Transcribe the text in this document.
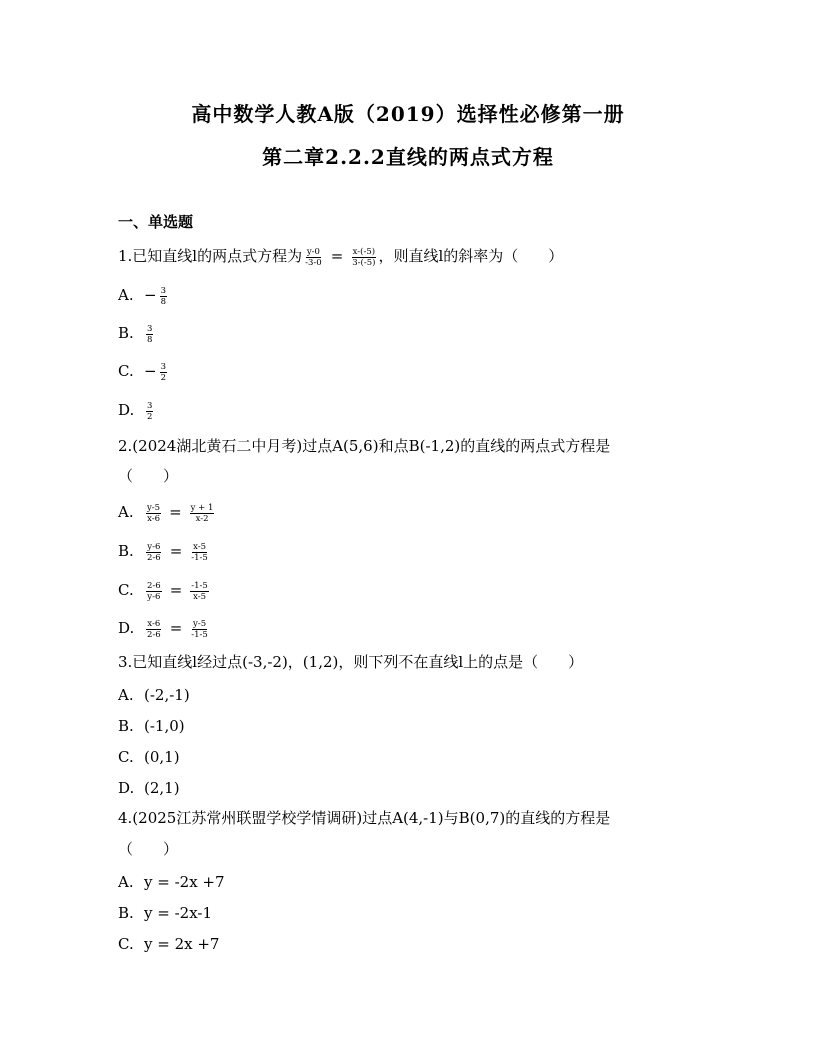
高中数学人教A版（2019）选择性必修第一册
第二章2.2.2直线的两点式方程
一、单选题
1.已知直线l的两点式方程为 $\frac{y-0}{-3-0} = \frac{x-(-5)}{3-(-5)}$ ，则直线l的斜率为（　　）
A. − $\frac{3}{8}$
B. $\frac{3}{8}$
C. − $\frac{3}{2}$
D. $\frac{3}{2}$
2.(2024湖北黄石二中月考)过点A(5,6)和点B(-1,2)的直线的两点式方程是
（　　）
A. $\frac{y-5}{x-6} = \frac{y + 1}{x-2}$
B. $\frac{y-6}{2-6} = \frac{x-5}{-1-5}$
C. $\frac{2-6}{y-6} = \frac{-1-5}{x-5}$
D. $\frac{x-6}{2-6} = \frac{y-5}{-1-5}$
3.已知直线l经过点(-3,-2)，(1,2)，则下列不在直线l上的点是（　　）
A. (-2,-1)
B. (-1,0)
C. (0,1)
D. (2,1)
4.(2025江苏常州联盟学校学情调研)过点A(4,-1)与B(0,7)的直线的方程是
（　　）
A. y = -2x +7
B. y = -2x-1
C. y = 2x +7
